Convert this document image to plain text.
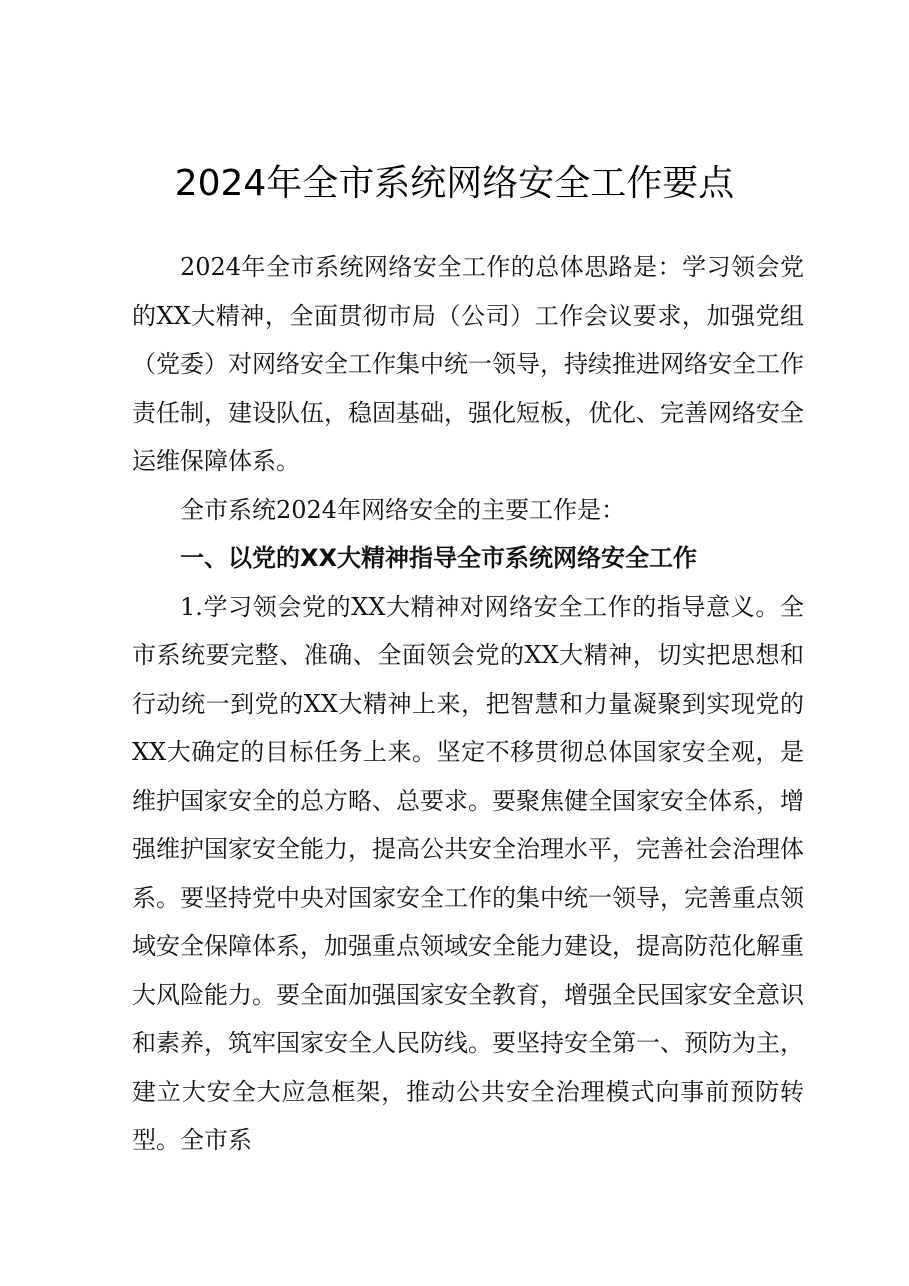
2024年全市系统网络安全工作要点

2024年全市系统网络安全工作的总体思路是：学习领会党的XX大精神，全面贯彻市局（公司）工作会议要求，加强党组（党委）对网络安全工作集中统一领导，持续推进网络安全工作责任制，建设队伍，稳固基础，强化短板，优化、完善网络安全运维保障体系。

全市系统2024年网络安全的主要工作是：

一、以党的XX大精神指导全市系统网络安全工作

1.学习领会党的XX大精神对网络安全工作的指导意义。全市系统要完整、准确、全面领会党的XX大精神，切实把思想和行动统一到党的XX大精神上来，把智慧和力量凝聚到实现党的XX大确定的目标任务上来。坚定不移贯彻总体国家安全观，是维护国家安全的总方略、总要求。要聚焦健全国家安全体系，增强维护国家安全能力，提高公共安全治理水平，完善社会治理体系。要坚持党中央对国家安全工作的集中统一领导，完善重点领域安全保障体系，加强重点领域安全能力建设，提高防范化解重大风险能力。要全面加强国家安全教育，增强全民国家安全意识和素养，筑牢国家安全人民防线。要坚持安全第一、预防为主，建立大安全大应急框架，推动公共安全治理模式向事前预防转型。全市系
